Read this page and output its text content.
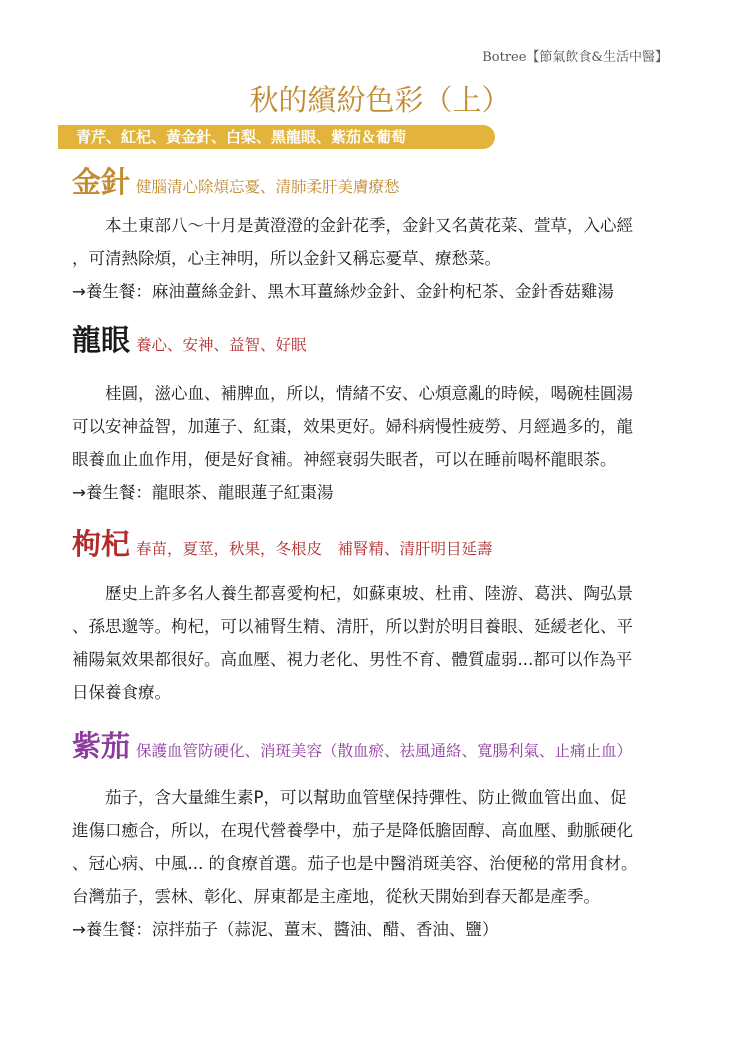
Botree【節氣飲食&生活中醫】
秋的繽紛色彩（上）
青芹、紅杞、黃金針、白梨、黑龍眼、紫茄＆葡萄
金針 健腦清心除煩忘憂、清肺柔肝美膚療愁
　　本土東部八～十月是黃澄澄的金針花季，金針又名黃花菜、萱草，入心經
，可清熱除煩，心主神明，所以金針又稱忘憂草、療愁菜。
→養生餐：麻油薑絲金針、黑木耳薑絲炒金針、金針枸杞茶、金針香菇雞湯
龍眼 養心、安神、益智、好眠
　　桂圓，滋心血、補脾血，所以，情緒不安、心煩意亂的時候，喝碗桂圓湯
可以安神益智，加蓮子、紅棗，效果更好。婦科病慢性疲勞、月經過多的，龍
眼養血止血作用，便是好食補。神經衰弱失眠者，可以在睡前喝杯龍眼茶。
→養生餐：龍眼茶、龍眼蓮子紅棗湯
枸杞 春苗，夏莖，秋果，冬根皮　補腎精、清肝明目延壽
　　歷史上許多名人養生都喜愛枸杞，如蘇東坡、杜甫、陸游、葛洪、陶弘景
、孫思邈等。枸杞，可以補腎生精、清肝，所以對於明目養眼、延緩老化、平
補陽氣效果都很好。高血壓、視力老化、男性不育、體質虛弱...都可以作為平
日保養食療。
紫茄 保護血管防硬化、消斑美容（散血瘀、祛風通絡、寬腸利氣、止痛止血）
　　茄子，含大量維生素P，可以幫助血管壁保持彈性、防止微血管出血、促
進傷口癒合，所以，在現代營養學中，茄子是降低膽固醇、高血壓、動脈硬化
、冠心病、中風... 的食療首選。茄子也是中醫消斑美容、治便秘的常用食材。
台灣茄子，雲林、彰化、屏東都是主產地，從秋天開始到春天都是產季。
→養生餐：涼拌茄子（蒜泥、薑末、醬油、醋、香油、鹽）
